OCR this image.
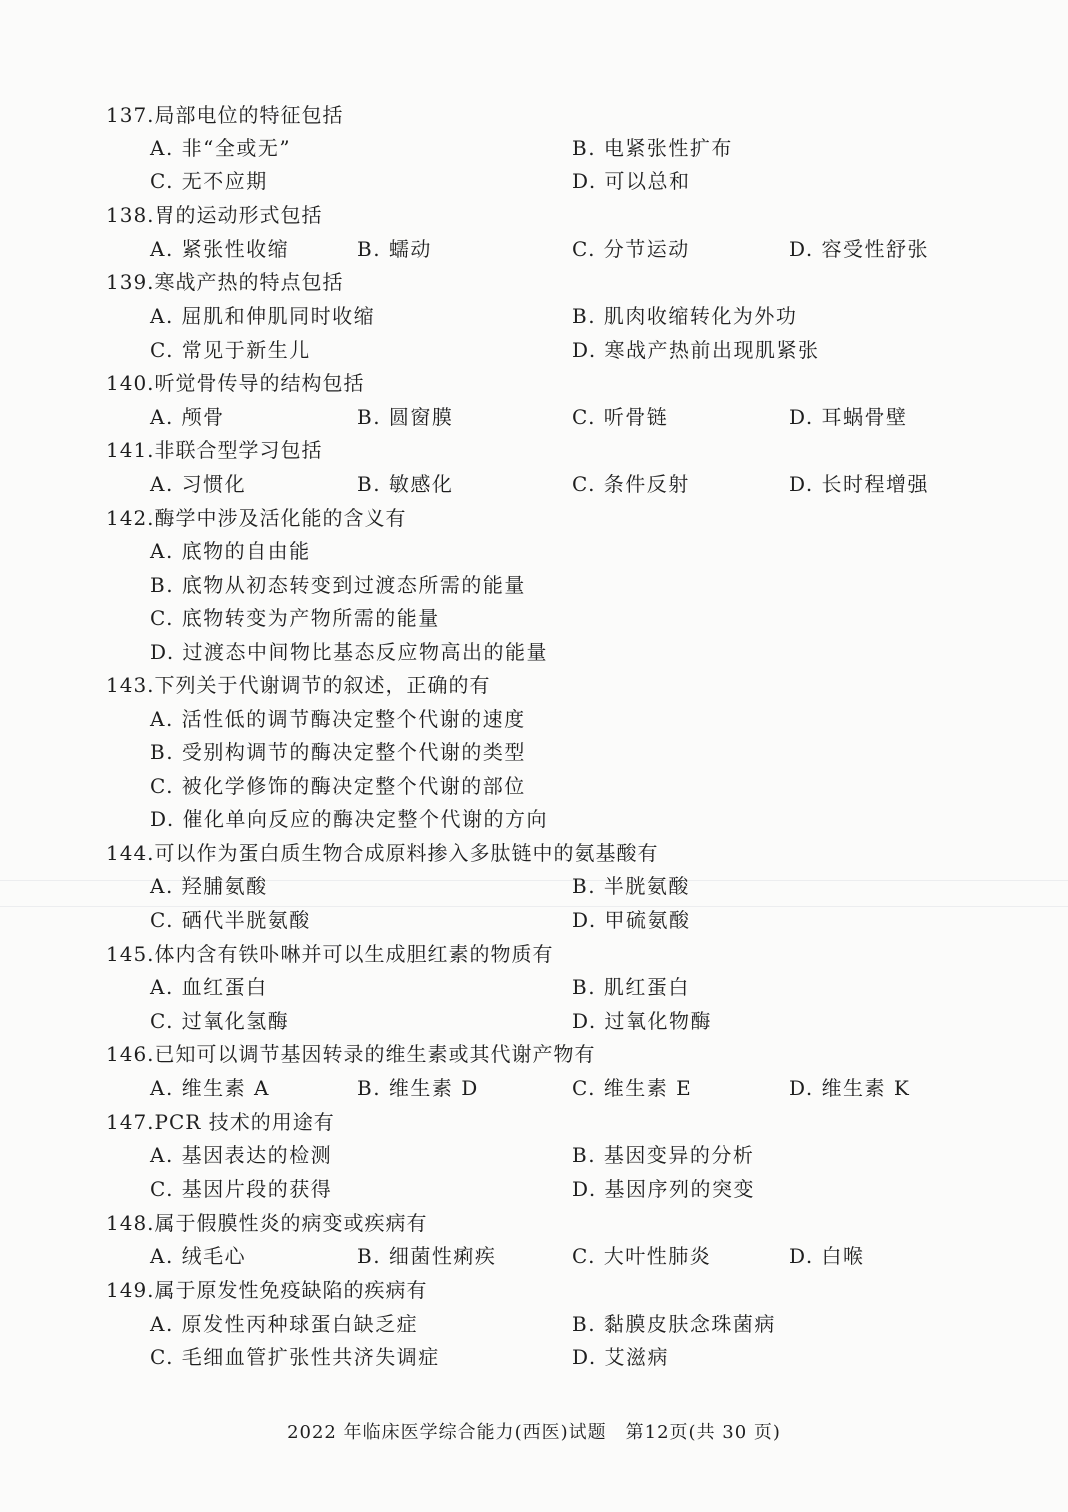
137.局部电位的特征包括
A. 非“全或无”	B. 电紧张性扩布
C. 无不应期	D. 可以总和
138.胃的运动形式包括
A. 紧张性收缩	B. 蠕动	C. 分节运动	D. 容受性舒张
139.寒战产热的特点包括
A. 屈肌和伸肌同时收缩	B. 肌肉收缩转化为外功
C. 常见于新生儿	D. 寒战产热前出现肌紧张
140.听觉骨传导的结构包括
A. 颅骨	B. 圆窗膜	C. 听骨链	D. 耳蜗骨壁
141.非联合型学习包括
A. 习惯化	B. 敏感化	C. 条件反射	D. 长时程增强
142.酶学中涉及活化能的含义有
A. 底物的自由能
B. 底物从初态转变到过渡态所需的能量
C. 底物转变为产物所需的能量
D. 过渡态中间物比基态反应物高出的能量
143.下列关于代谢调节的叙述，正确的有
A. 活性低的调节酶决定整个代谢的速度
B. 受别构调节的酶决定整个代谢的类型
C. 被化学修饰的酶决定整个代谢的部位
D. 催化单向反应的酶决定整个代谢的方向
144.可以作为蛋白质生物合成原料掺入多肽链中的氨基酸有
A. 羟脯氨酸	B. 半胱氨酸
C. 硒代半胱氨酸	D. 甲硫氨酸
145.体内含有铁卟啉并可以生成胆红素的物质有
A. 血红蛋白	B. 肌红蛋白
C. 过氧化氢酶	D. 过氧化物酶
146.已知可以调节基因转录的维生素或其代谢产物有
A. 维生素 A	B. 维生素 D	C. 维生素 E	D. 维生素 K
147.PCR 技术的用途有
A. 基因表达的检测	B. 基因变异的分析
C. 基因片段的获得	D. 基因序列的突变
148.属于假膜性炎的病变或疾病有
A. 绒毛心	B. 细菌性痢疾	C. 大叶性肺炎	D. 白喉
149.属于原发性免疫缺陷的疾病有
A. 原发性丙种球蛋白缺乏症	B. 黏膜皮肤念珠菌病
C. 毛细血管扩张性共济失调症	D. 艾滋病
2022 年临床医学综合能力(西医)试题　第12页(共 30 页)
